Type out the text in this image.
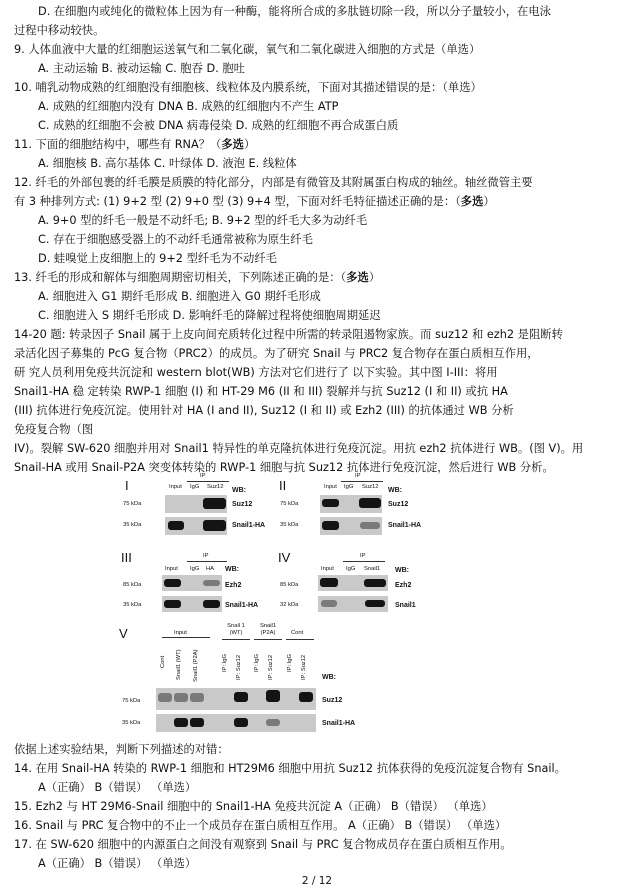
D. 在细胞内或纯化的微粒体上因为有一种酶，能将所合成的多肽链切除一段，所以分子量较小，在电泳
过程中移动较快。
9. 人体血液中大量的红细胞运送氧气和二氧化碳，氧气和二氧化碳进入细胞的方式是（单选）
A. 主动运输 B. 被动运输 C. 胞吞 D. 胞吐
10. 哺乳动物成熟的红细胞没有细胞核、线粒体及内膜系统，下面对其描述错误的是：（单选）
A. 成熟的红细胞内没有 DNA B. 成熟的红细胞内不产生 ATP
C. 成熟的红细胞不会被 DNA 病毒侵染 D. 成熟的红细胞不再合成蛋白质
11. 下面的细胞结构中，哪些有 RNA？（多选）
A. 细胞核 B. 高尔基体 C. 叶绿体 D. 液泡 E. 线粒体
12. 纤毛的外部包裹的纤毛膜是质膜的特化部分，内部是有微管及其附属蛋白构成的轴丝。轴丝微管主要
有 3 种排列方式: (1) 9+2 型 (2) 9+0 型 (3) 9+4 型，下面对纤毛特征描述正确的是：（多选）
A. 9+0 型的纤毛一般是不动纤毛; B. 9+2 型的纤毛大多为动纤毛
C. 存在于细胞感受器上的不动纤毛通常被称为原生纤毛
D. 蛙嗅觉上皮细胞上的 9+2 型纤毛为不动纤毛
13. 纤毛的形成和解体与细胞周期密切相关，下列陈述正确的是：（多选）
A. 细胞进入 G1 期纤毛形成 B. 细胞进入 G0 期纤毛形成
C. 细胞进入 S 期纤毛形成 D. 影响纤毛的降解过程将使细胞周期延迟
14-20 题: 转录因子 Snail 属于上皮向间充质转化过程中所需的转录阻遏物家族。而 suz12 和 ezh2 是阻断转
录活化因子募集的 PcG 复合物（PRC2）的成员。为了研究 Snail 与 PRC2 复合物存在蛋白质相互作用，
研 究人员利用免疫共沉淀和 western blot(WB) 方法对它们进行了 以下实验。其中图 I-III：将用
Snail1-HA 稳 定转染 RWP-1 细胞 (I) 和 HT-29 M6 (II 和 III) 裂解并与抗 Suz12 (I 和 II) 或抗 HA
(III) 抗体进行免疫沉淀。使用针对 HA (I and II), Suz12 (I 和 II) 或 Ezh2 (III) 的抗体通过 WB 分析
免疫复合物（图
IV)。裂解 SW-620 细胞并用对 Snail1 特异性的单克隆抗体进行免疫沉淀。用抗 ezh2 抗体进行 WB。(图 V)。用
Snail-HA 或用 Snail-P2A 突变体转染的 RWP-1 细胞与抗 Suz12 抗体进行免疫沉淀，然后进行 WB 分析。
I	Input
IP
IgG Suz12 WB:
75 kDa	Suz12
35 kDa	Snail1-HA
II	Input
IP
IgG Suz12 WB:
75 kDa	Suz12
35 kDa	Snail1-HA
III
Input
IP
IgG HA WB:
85 kDa	Ezh2
35 kDa	Snail1-HA
IV
Input
IP
IgG Snail1 WB:
85 kDa	Ezh2
32 kDa	Snail1
V	Input
Snail 1 (WT)
Snail1 (P2A)	Cont
Cont Snail1 (WT) Snail1 (P2A)	IP: IgG IP: Suz12 IP: IgG IP: Suz12 IP: IgG IP: Suz12 WB:
75 kDa	Suz12
35 kDa	Snail1-HA
依据上述实验结果，判断下列描述的对错：
14. 在用 Snail-HA 转染的 RWP-1 细胞和 HT29M6 细胞中用抗 Suz12 抗体获得的免疫沉淀复合物有 Snail。
A（正确） B（错误） （单选）
15. Ezh2 与 HT 29M6-Snail 细胞中的 Snail1-HA 免疫共沉淀 A（正确） B（错误） （单选）
16. Snail 与 PRC 复合物中的不止一个成员存在蛋白质相互作用。 A（正确） B（错误） （单选）
17. 在 SW-620 细胞中的内源蛋白之间没有观察到 Snail 与 PRC 复合物成员存在蛋白质相互作用。
A（正确） B（错误） （单选）
2 / 12
